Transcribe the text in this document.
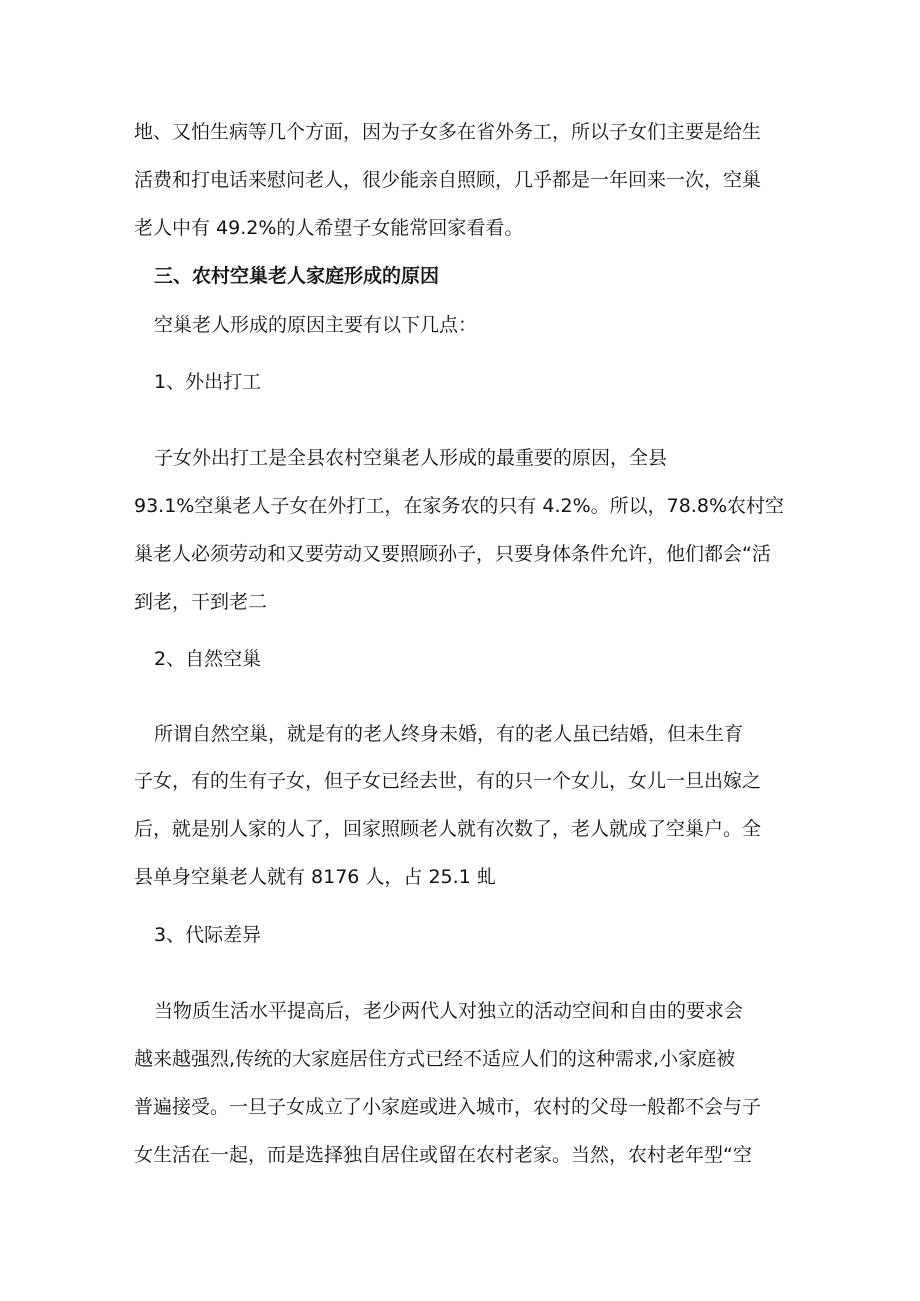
地、又怕生病等几个方面，因为子女多在省外务工，所以子女们主要是给生
活费和打电话来慰问老人，很少能亲自照顾，几乎都是一年回来一次，空巢
老人中有 49.2%的人希望子女能常回家看看。
三、农村空巢老人家庭形成的原因
空巢老人形成的原因主要有以下几点：
1、外出打工
子女外出打工是全县农村空巢老人形成的最重要的原因，全县
93.1%空巢老人子女在外打工，在家务农的只有 4.2%。所以，78.8%农村空
巢老人必须劳动和又要劳动又要照顾孙子，只要身体条件允许，他们都会“活
到老，干到老二
2、自然空巢
所谓自然空巢，就是有的老人终身未婚，有的老人虽已结婚，但未生育
子女，有的生有子女，但子女已经去世，有的只一个女儿，女儿一旦出嫁之
后，就是别人家的人了，回家照顾老人就有次数了，老人就成了空巢户。全
县单身空巢老人就有 8176 人，占 25.1 虬
3、代际差异
当物质生活水平提高后，老少两代人对独立的活动空间和自由的要求会
越来越强烈,传统的大家庭居住方式已经不适应人们的这种需求,小家庭被
普遍接受。一旦子女成立了小家庭或进入城市，农村的父母一般都不会与子
女生活在一起，而是选择独自居住或留在农村老家。当然，农村老年型“空
